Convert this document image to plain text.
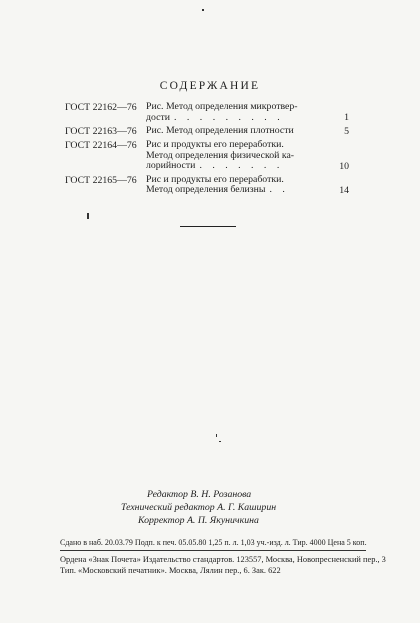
СОДЕРЖАНИЕ
ГОСТ 22162—76 Рис. Метод определения микротвер-
дости . . . . . . . . .	1
ГОСТ 22163—76 Рис. Метод определения плотности	5
ГОСТ 22164—76 Рис и продукты его переработки.
Метод определения физической ка-
лорийности . . . . . . .	10
ГОСТ 22165—76 Рис и продукты его переработки.
Метод определения белизны . .	14
Редактор В. Н. Розанова
Технический редактор А. Г. Каширин
Корректор А. П. Якуничкина
Сдано в наб. 20.03.79 Подп. к печ. 05.05.80 1,25 п. л. 1,03 уч.-изд. л. Тир. 4000 Цена 5 коп.
Ордена «Знак Почета» Издательство стандартов. 123557, Москва, Новопресненский пер., 3
Тип. «Московский печатник». Москва, Лялин пер., 6. Зак. 622
